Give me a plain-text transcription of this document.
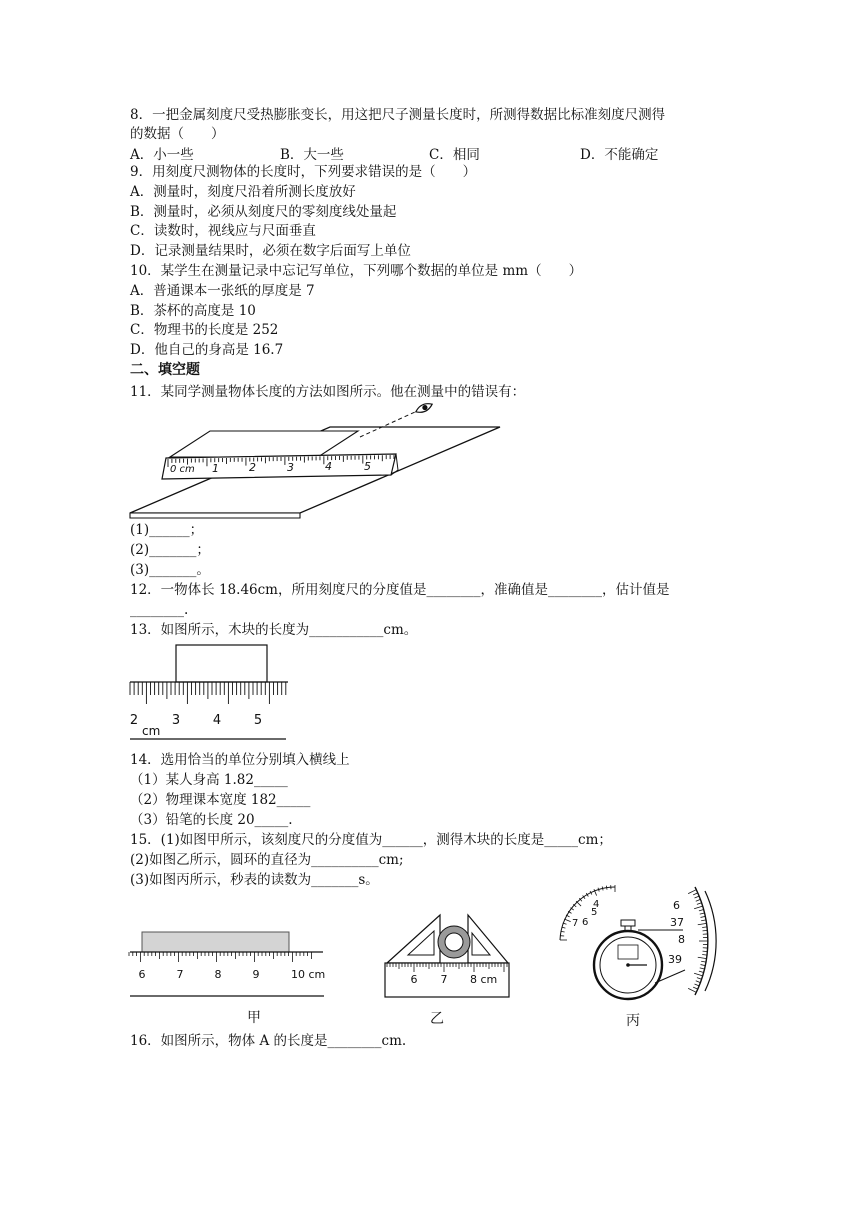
8．一把金属刻度尺受热膨胀变长，用这把尺子测量长度时，所测得数据比标准刻度尺测得
的数据（　　）
A．小一些	B．大一些	C．相同	D．不能确定
9．用刻度尺测物体的长度时，下列要求错误的是（　　）
A．测量时，刻度尺沿着所测长度放好
B．测量时，必须从刻度尺的零刻度线处量起
C．读数时，视线应与尺面垂直
D．记录测量结果时，必须在数字后面写上单位
10．某学生在测量记录中忘记写单位，下列哪个数据的单位是 mm（　　）
A．普通课本一张纸的厚度是 7
B．茶杯的高度是 10
C．物理书的长度是 252
D．他自己的身高是 16.7
二、填空题
11．某同学测量物体长度的方法如图所示。他在测量中的错误有：
0 cm 1	2	3	4	5
(1)______；
(2)_______；
(3)_______。
12．一物体长 18.46cm，所用刻度尺的分度值是________，准确值是________，估计值是
________.
13．如图所示，木块的长度为___________cm。
2	3	4	5
cm
14．选用恰当的单位分别填入横线上
（1）某人身高 1.82_____
（2）物理课本宽度 182_____
（3）铅笔的长度 20_____.
15．(1)如图甲所示，该刻度尺的分度值为______，测得木块的长度是_____cm；
(2)如图乙所示，圆环的直径为__________cm;
(3)如图丙所示，秒表的读数为_______s。
6	7	8	9	10 cm
甲
6 7 8 cm
乙
4
5
6
7
6
37
8
39
丙
16．如图所示，物体 A 的长度是________cm.
